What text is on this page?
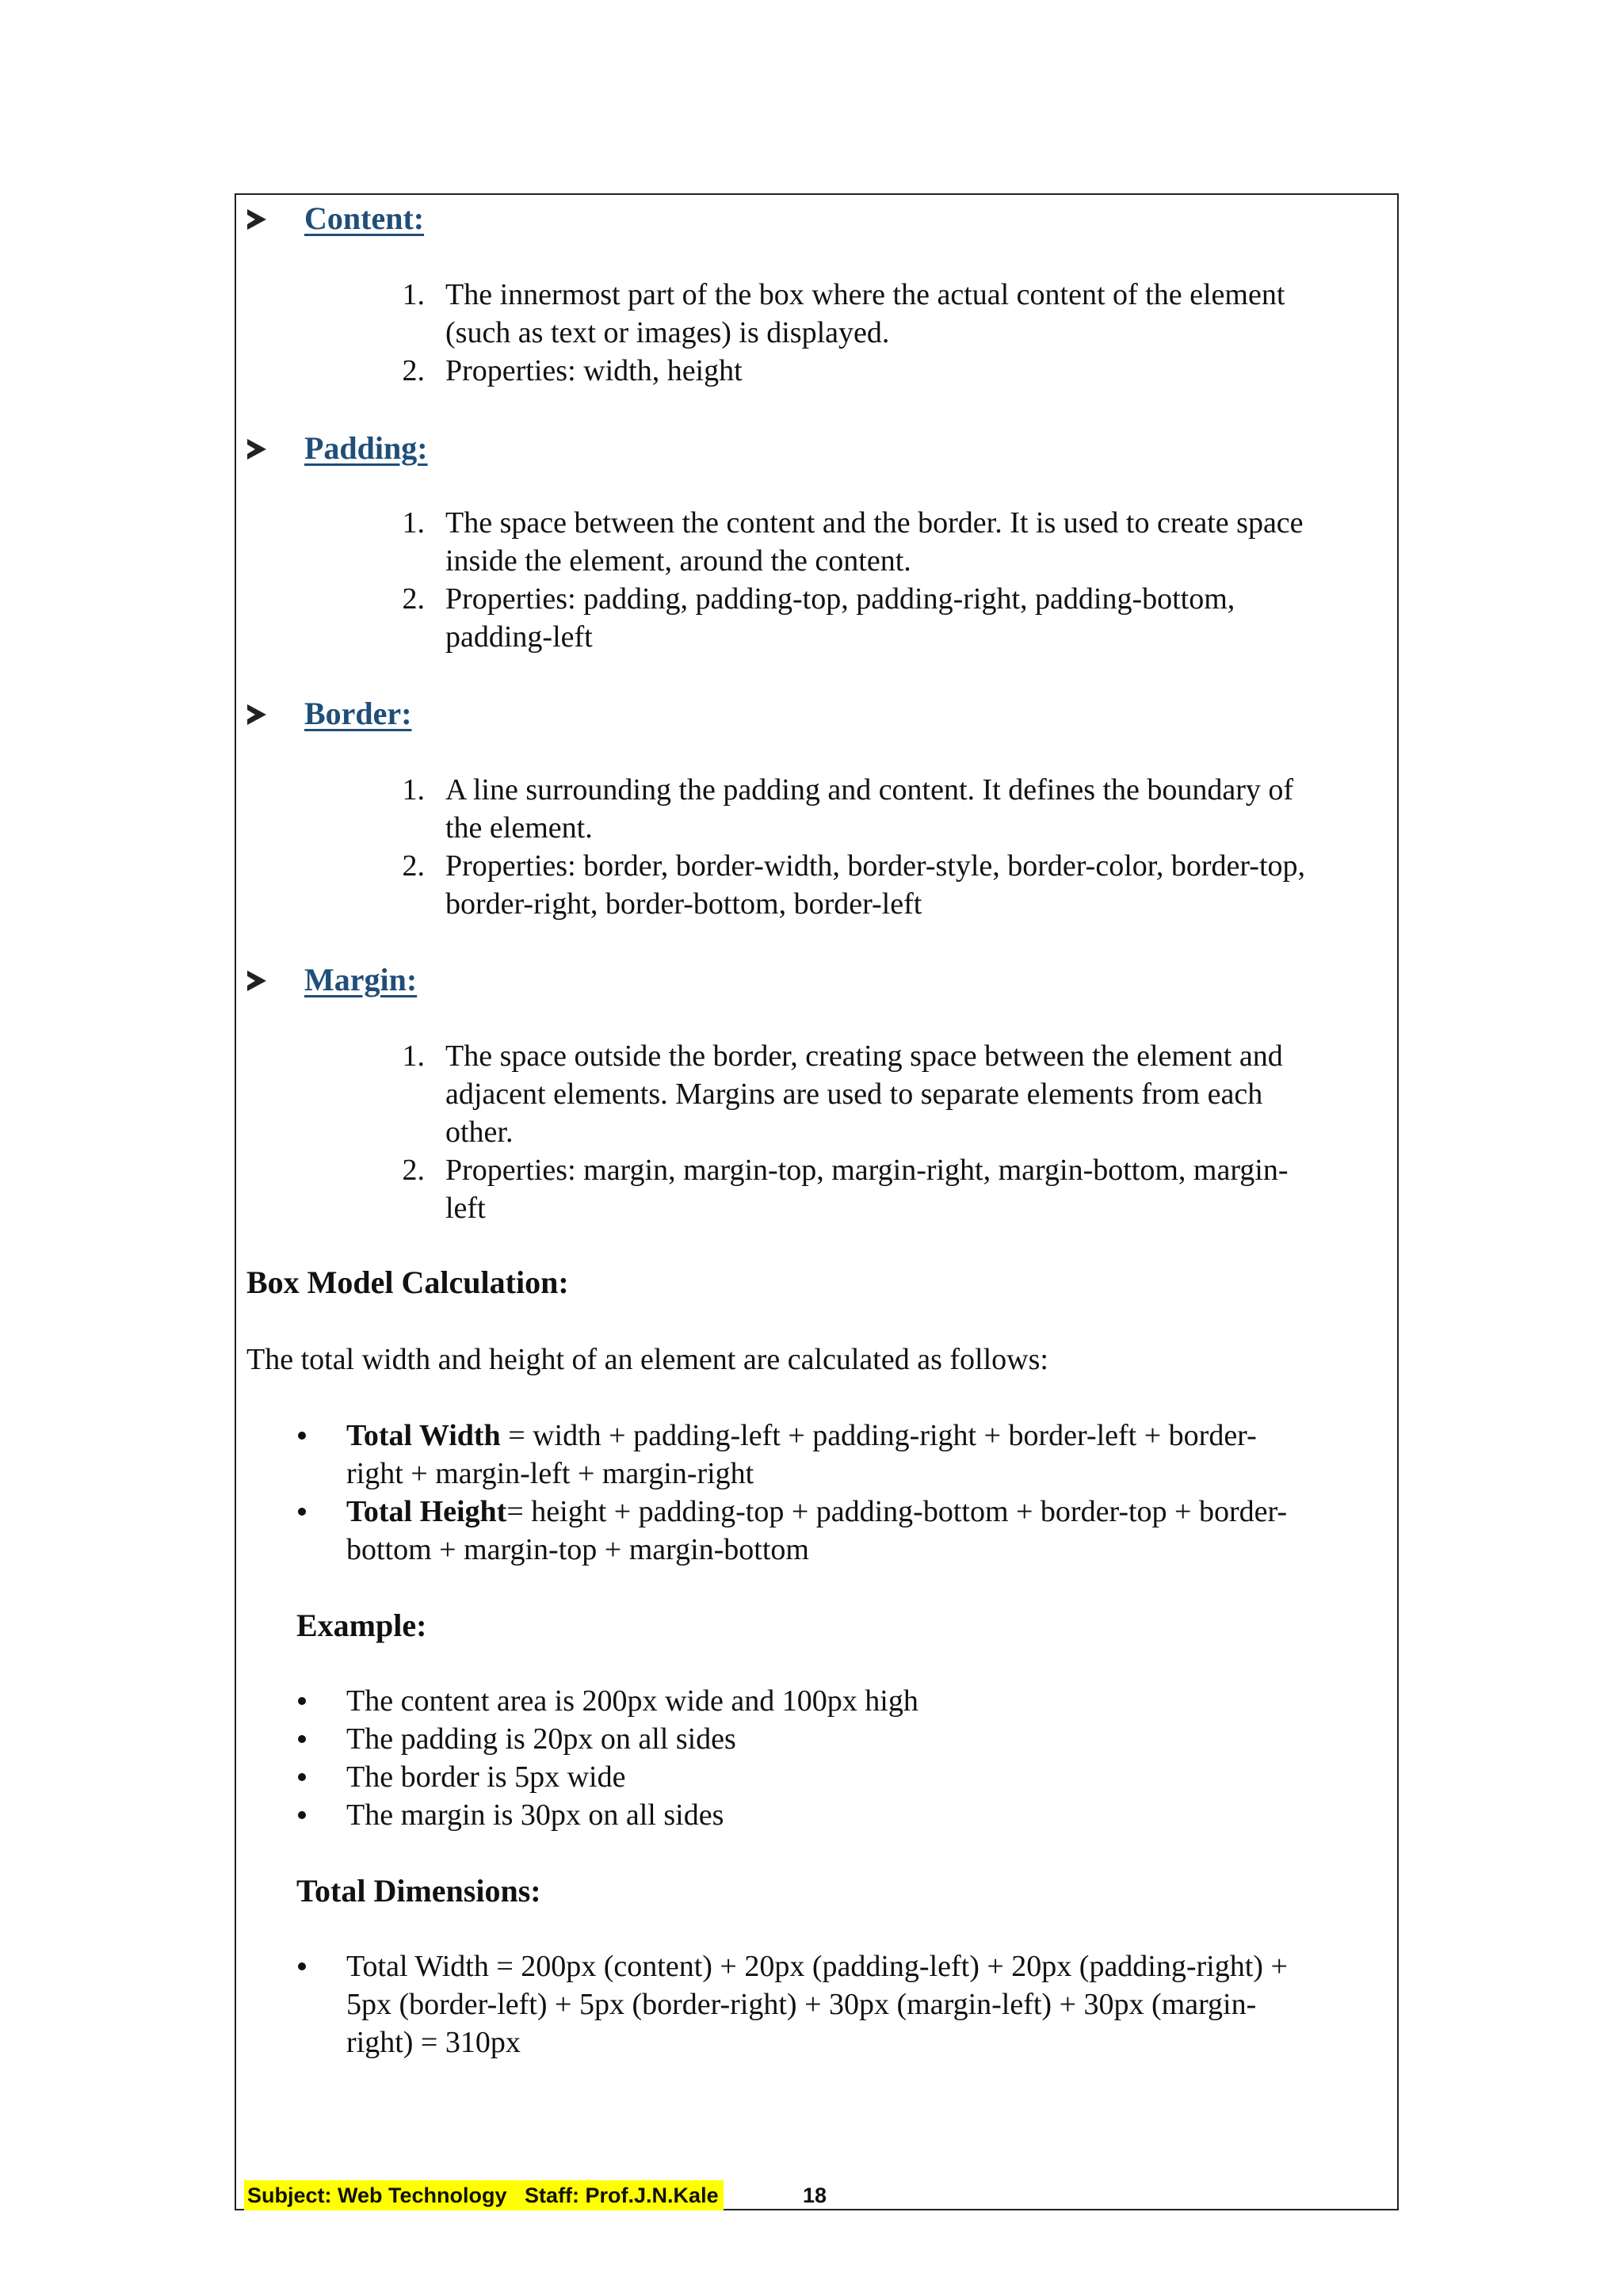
Content:
1. The innermost part of the box where the actual content of the element
(such as text or images) is displayed.
2. Properties: width, height
Padding:
1. The space between the content and the border. It is used to create space
inside the element, around the content.
2. Properties: padding, padding-top, padding-right, padding-bottom,
padding-left
Border:
1. A line surrounding the padding and content. It defines the boundary of
the element.
2. Properties: border, border-width, border-style, border-color, border-top,
border-right, border-bottom, border-left
Margin:
1. The space outside the border, creating space between the element and
adjacent elements. Margins are used to separate elements from each
other.
2. Properties: margin, margin-top, margin-right, margin-bottom, margin-
left
Box Model Calculation:
The total width and height of an element are calculated as follows:
Total Width = width + padding-left + padding-right + border-left + border-
right + margin-left + margin-right
Total Height= height + padding-top + padding-bottom + border-top + border-
bottom + margin-top + margin-bottom
Example:
The content area is 200px wide and 100px high
The padding is 20px on all sides
The border is 5px wide
The margin is 30px on all sides
Total Dimensions:
Total Width = 200px (content) + 20px (padding-left) + 20px (padding-right) +
5px (border-left) + 5px (border-right) + 30px (margin-left) + 30px (margin-
right) = 310px
Subject: Web Technology Staff: Prof.J.N.Kale	18
